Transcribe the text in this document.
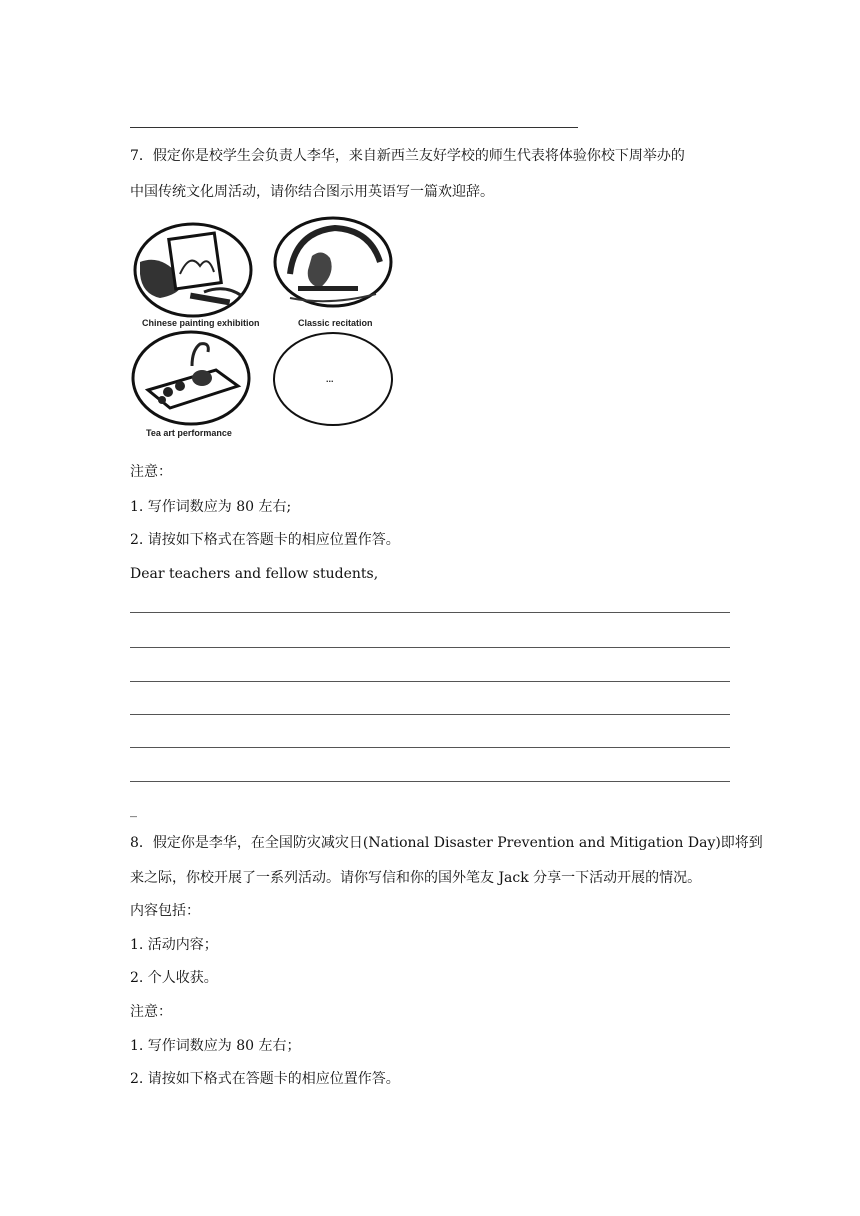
7．假定你是校学生会负责人李华，来自新西兰友好学校的师生代表将体验你校下周举办的
中国传统文化周活动，请你结合图示用英语写一篇欢迎辞。
Chinese painting exhibition	Classic recitation
Tea art performance
...
注意：
1. 写作词数应为 80 左右;
2. 请按如下格式在答题卡的相应位置作答。
Dear teachers and fellow students,
_
8．假定你是李华，在全国防灾减灾日(National Disaster Prevention and Mitigation Day)即将到
来之际，你校开展了一系列活动。请你写信和你的国外笔友 Jack 分享一下活动开展的情况。
内容包括：
1. 活动内容；
2. 个人收获。
注意：
1. 写作词数应为 80 左右；
2. 请按如下格式在答题卡的相应位置作答。
